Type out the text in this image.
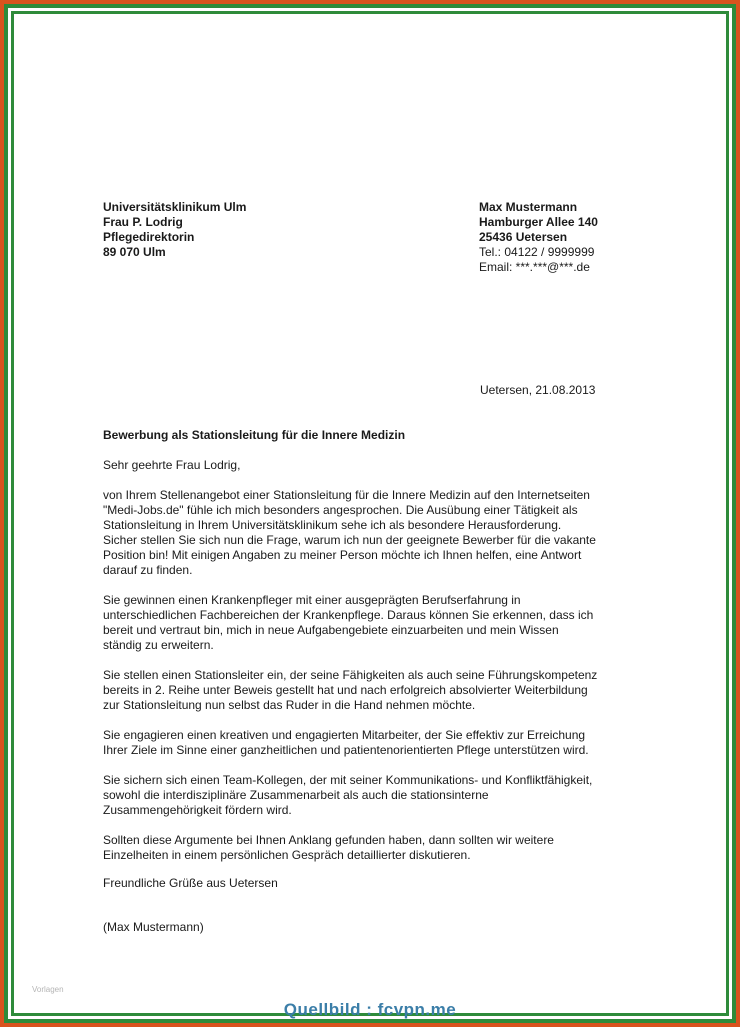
Universitätsklinikum Ulm
Frau P. Lodrig
Pflegedirektorin
89 070 Ulm
Max Mustermann
Hamburger Allee 140
25436 Uetersen
Tel.: 04122 / 9999999
Email: ***.***@***.de
Uetersen, 21.08.2013
Bewerbung als Stationsleitung für die Innere Medizin
Sehr geehrte Frau Lodrig,

von Ihrem Stellenangebot einer Stationsleitung für die Innere Medizin auf den Internetseiten
"Medi-Jobs.de" fühle ich mich besonders angesprochen. Die Ausübung einer Tätigkeit als
Stationsleitung in Ihrem Universitätsklinikum sehe ich als besondere Herausforderung.
Sicher stellen Sie sich nun die Frage, warum ich nun der geeignete Bewerber für die vakante
Position bin! Mit einigen Angaben zu meiner Person möchte ich Ihnen helfen, eine Antwort
darauf zu finden.

Sie gewinnen einen Krankenpfleger mit einer ausgeprägten Berufserfahrung in
unterschiedlichen Fachbereichen der Krankenpflege. Daraus können Sie erkennen, dass ich
bereit und vertraut bin, mich in neue Aufgabengebiete einzuarbeiten und mein Wissen
ständig zu erweitern.

Sie stellen einen Stationsleiter ein, der seine Fähigkeiten als auch seine Führungskompetenz
bereits in 2. Reihe unter Beweis gestellt hat und nach erfolgreich absolvierter Weiterbildung
zur Stationsleitung nun selbst das Ruder in die Hand nehmen möchte.

Sie engagieren einen kreativen und engagierten Mitarbeiter, der Sie effektiv zur Erreichung
Ihrer Ziele im Sinne einer ganzheitlichen und patientenorientierten Pflege unterstützen wird.

Sie sichern sich einen Team-Kollegen, der mit seiner Kommunikations- und Konfliktfähigkeit,
sowohl die interdisziplinäre Zusammenarbeit als auch die stationsinterne
Zusammengehörigkeit fördern wird.

Sollten diese Argumente bei Ihnen Anklang gefunden haben, dann sollten wir weitere
Einzelheiten in einem persönlichen Gespräch detaillierter diskutieren.

Freundliche Grüße aus Uetersen
(Max Mustermann)
Vorlagen
Quellbild : fcvpn.me
